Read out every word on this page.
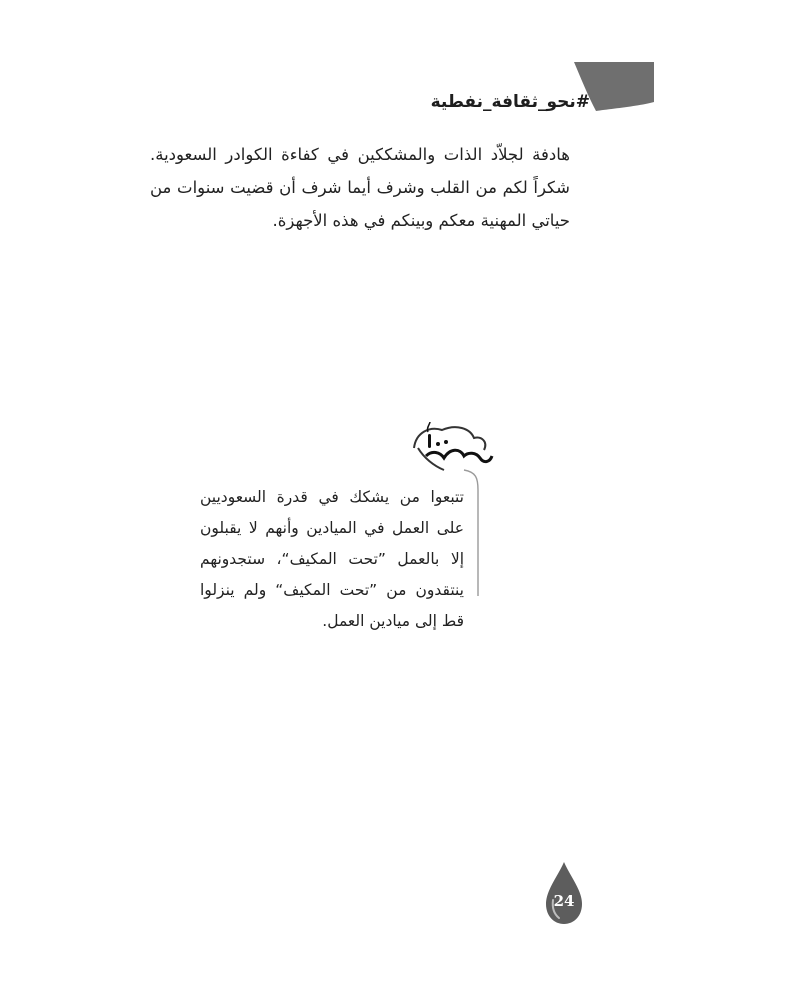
#نحو_ثقافة_نفطية

هادفة لجلاّد الذات والمشككين في كفاءة الكوادر السعودية. شكراً لكم من القلب وشرف أيما شرف أن قضيت سنوات من حياتي المهنية معكم وبينكم في هذه الأجهزة.

تتبعوا من يشكك في قدرة السعوديين على العمل في الميادين وأنهم لا يقبلون إلا بالعمل ”تحت المكيف“، ستجدونهم ينتقدون من ”تحت المكيف“ ولم ينزلوا قط إلى ميادين العمل.

24
